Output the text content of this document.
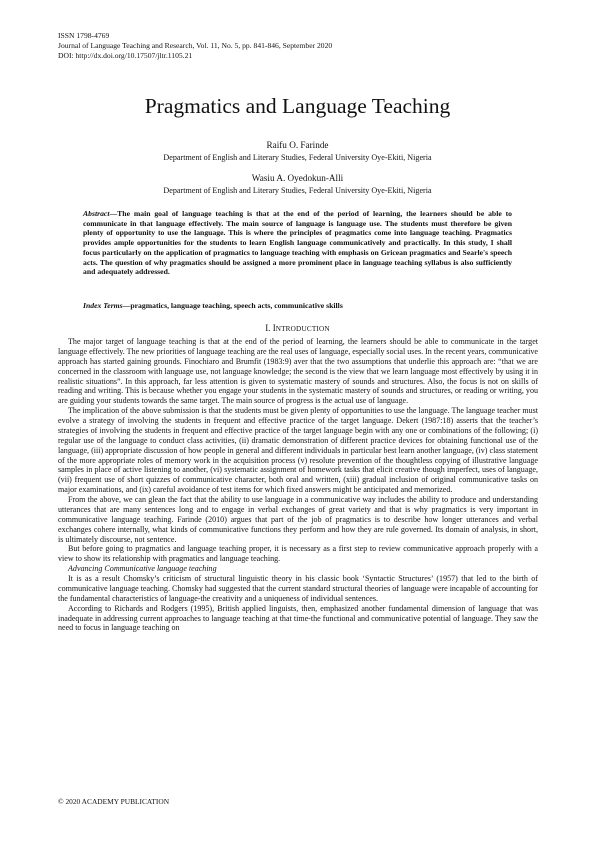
ISSN 1798-4769
Journal of Language Teaching and Research, Vol. 11, No. 5, pp. 841-846, September 2020
DOI: http://dx.doi.org/10.17507/jltr.1105.21
Pragmatics and Language Teaching
Raifu O. Farinde
Department of English and Literary Studies, Federal University Oye-Ekiti, Nigeria
Wasiu A. Oyedokun-Alli
Department of English and Literary Studies, Federal University Oye-Ekiti, Nigeria
Abstract—The main goal of language teaching is that at the end of the period of learning, the learners should be able to communicate in that language effectively. The main source of language is language use. The students must therefore be given plenty of opportunity to use the language. This is where the principles of pragmatics come into language teaching. Pragmatics provides ample opportunities for the students to learn English language communicatively and practically. In this study, I shall focus particularly on the application of pragmatics to language teaching with emphasis on Gricean pragmatics and Searle's speech acts. The question of why pragmatics should be assigned a more prominent place in language teaching syllabus is also sufficiently and adequately addressed.
Index Terms—pragmatics, language teaching, speech acts, communicative skills
I. INTRODUCTION

The major target of language teaching is that at the end of the period of learning, the learners should be able to communicate in the target language effectively. The new priorities of language teaching are the real uses of language, especially social uses. In the recent years, communicative approach has started gaining grounds. Finochiaro and Brumfit (1983:9) aver that the two assumptions that underlie this approach are: “that we are concerned in the classroom with language use, not language knowledge; the second is the view that we learn language most effectively by using it in realistic situations”. In this approach, far less attention is given to systematic mastery of sounds and structures. Also, the focus is not on skills of reading and writing. This is because whether you engage your students in the systematic mastery of sounds and structures, or reading or writing, you are guiding your students towards the same target. The main source of progress is the actual use of language.

The implication of the above submission is that the students must be given plenty of opportunities to use the language. The language teacher must evolve a strategy of involving the students in frequent and effective practice of the target language. Dekert (1987:18) asserts that the teacher’s strategies of involving the students in frequent and effective practice of the target language begin with any one or combinations of the following; (i) regular use of the language to conduct class activities, (ii) dramatic demonstration of different practice devices for obtaining functional use of the language, (iii) appropriate discussion of how people in general and different individuals in particular best learn another language, (iv) class statement of the more appropriate roles of memory work in the acquisition process (v) resolute prevention of the thoughtless copying of illustrative language samples in place of active listening to another, (vi) systematic assignment of homework tasks that elicit creative though imperfect, uses of language, (vii) frequent use of short quizzes of communicative character, both oral and written, (xiii) gradual inclusion of original communicative tasks on major examinations, and (ix) careful avoidance of test items for which fixed answers might be anticipated and memorized.

From the above, we can glean the fact that the ability to use language in a communicative way includes the ability to produce and understanding utterances that are many sentences long and to engage in verbal exchanges of great variety and that is why pragmatics is very important in communicative language teaching. Farinde (2010) argues that part of the job of pragmatics is to describe how longer utterances and verbal exchanges cohere internally, what kinds of communicative functions they perform and how they are rule governed. Its domain of analysis, in short, is ultimately discourse, not sentence.

But before going to pragmatics and language teaching proper, it is necessary as a first step to review communicative approach properly with a view to show its relationship with pragmatics and language teaching.

Advancing Communicative language teaching

It is as a result Chomsky’s criticism of structural linguistic theory in his classic book ‘Syntactic Structures’ (1957) that led to the birth of communicative language teaching. Chomsky had suggested that the current standard structural theories of language were incapable of accounting for the fundamental characteristics of language-the creativity and a uniqueness of individual sentences.

According to Richards and Rodgers (1995), British applied linguists, then, emphasized another fundamental dimension of language that was inadequate in addressing current approaches to language teaching at that time-the functional and communicative potential of language. They saw the need to focus in language teaching on

© 2020 ACADEMY PUBLICATION
